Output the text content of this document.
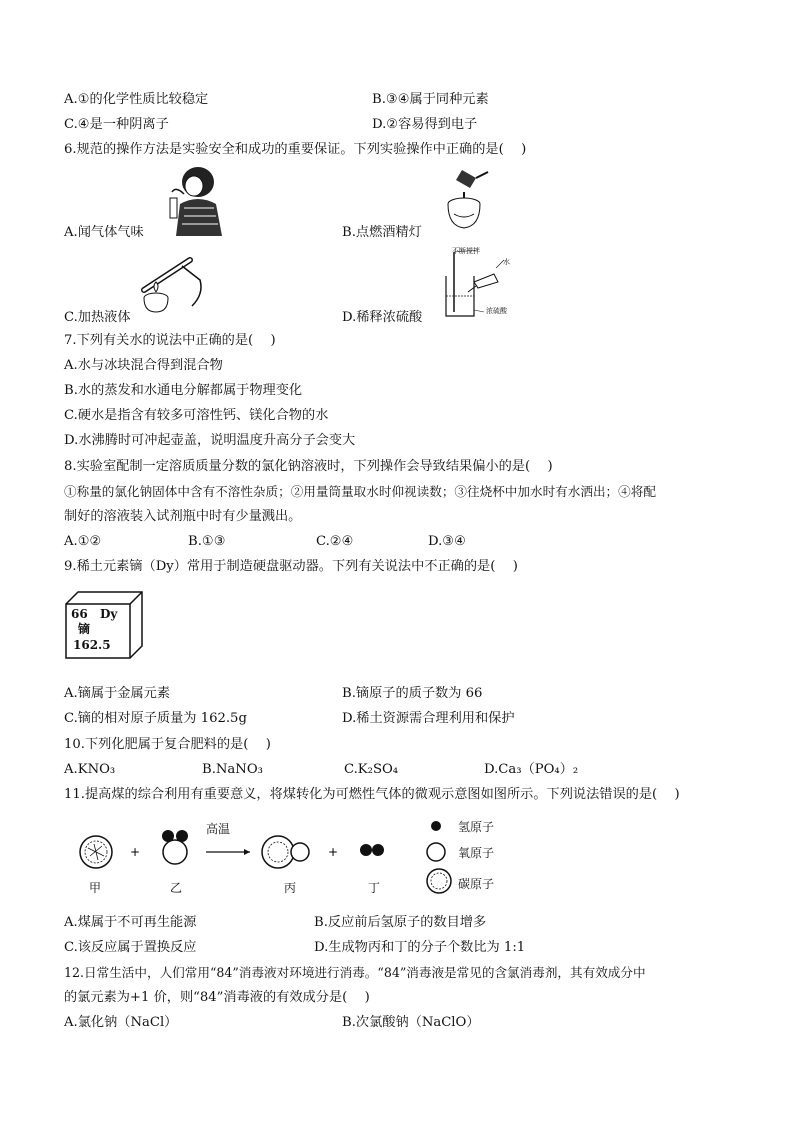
A.①的化学性质比较稳定	B.③④属于同种元素
C.④是一种阴离子	D.②容易得到电子
6.规范的操作方法是实验安全和成功的重要保证。下列实验操作中正确的是(　 )
A.闻气体气味	B.点燃酒精灯
C.加热液体
不断搅拌
水
浓硫酸
D.稀释浓硫酸
7.下列有关水的说法中正确的是(　 )
A.水与冰块混合得到混合物
B.水的蒸发和水通电分解都属于物理变化
C.硬水是指含有较多可溶性钙、镁化合物的水
D.水沸腾时可冲起壶盖，说明温度升高分子会变大
8.实验室配制一定溶质质量分数的氯化钠溶液时，下列操作会导致结果偏小的是(　 )
①称量的氯化钠固体中含有不溶性杂质；②用量筒量取水时仰视读数；③往烧杯中加水时有水洒出；④将配
制好的溶液装入试剂瓶中时有少量溅出。
A.①②	B.①③	C.②④	D.③④
9.稀土元素镝（Dy）常用于制造硬盘驱动器。下列有关说法中不正确的是(　 )
66 Dy
镝
162.5
A.镝属于金属元素	B.镝原子的质子数为 66
C.镝的相对原子质量为 162.5g	D.稀土资源需合理利用和保护
10.下列化肥属于复合肥料的是(　 )
A.KNO₃	B.NaNO₃	C.K₂SO₄	D.Ca₃（PO₄）₂
11.提高煤的综合利用有重要意义，将煤转化为可燃性气体的微观示意图如图所示。下列说法错误的是(　 )
+	+
高温	氢原子
氧原子
碳原子
甲	乙	丙	丁
A.煤属于不可再生能源	B.反应前后氢原子的数目增多
C.该反应属于置换反应	D.生成物丙和丁的分子个数比为 1:1
12.日常生活中，人们常用“84”消毒液对环境进行消毒。“84”消毒液是常见的含氯消毒剂，其有效成分中
的氯元素为+1 价，则“84”消毒液的有效成分是(　 )
A.氯化钠（NaCl）	B.次氯酸钠（NaClO）
